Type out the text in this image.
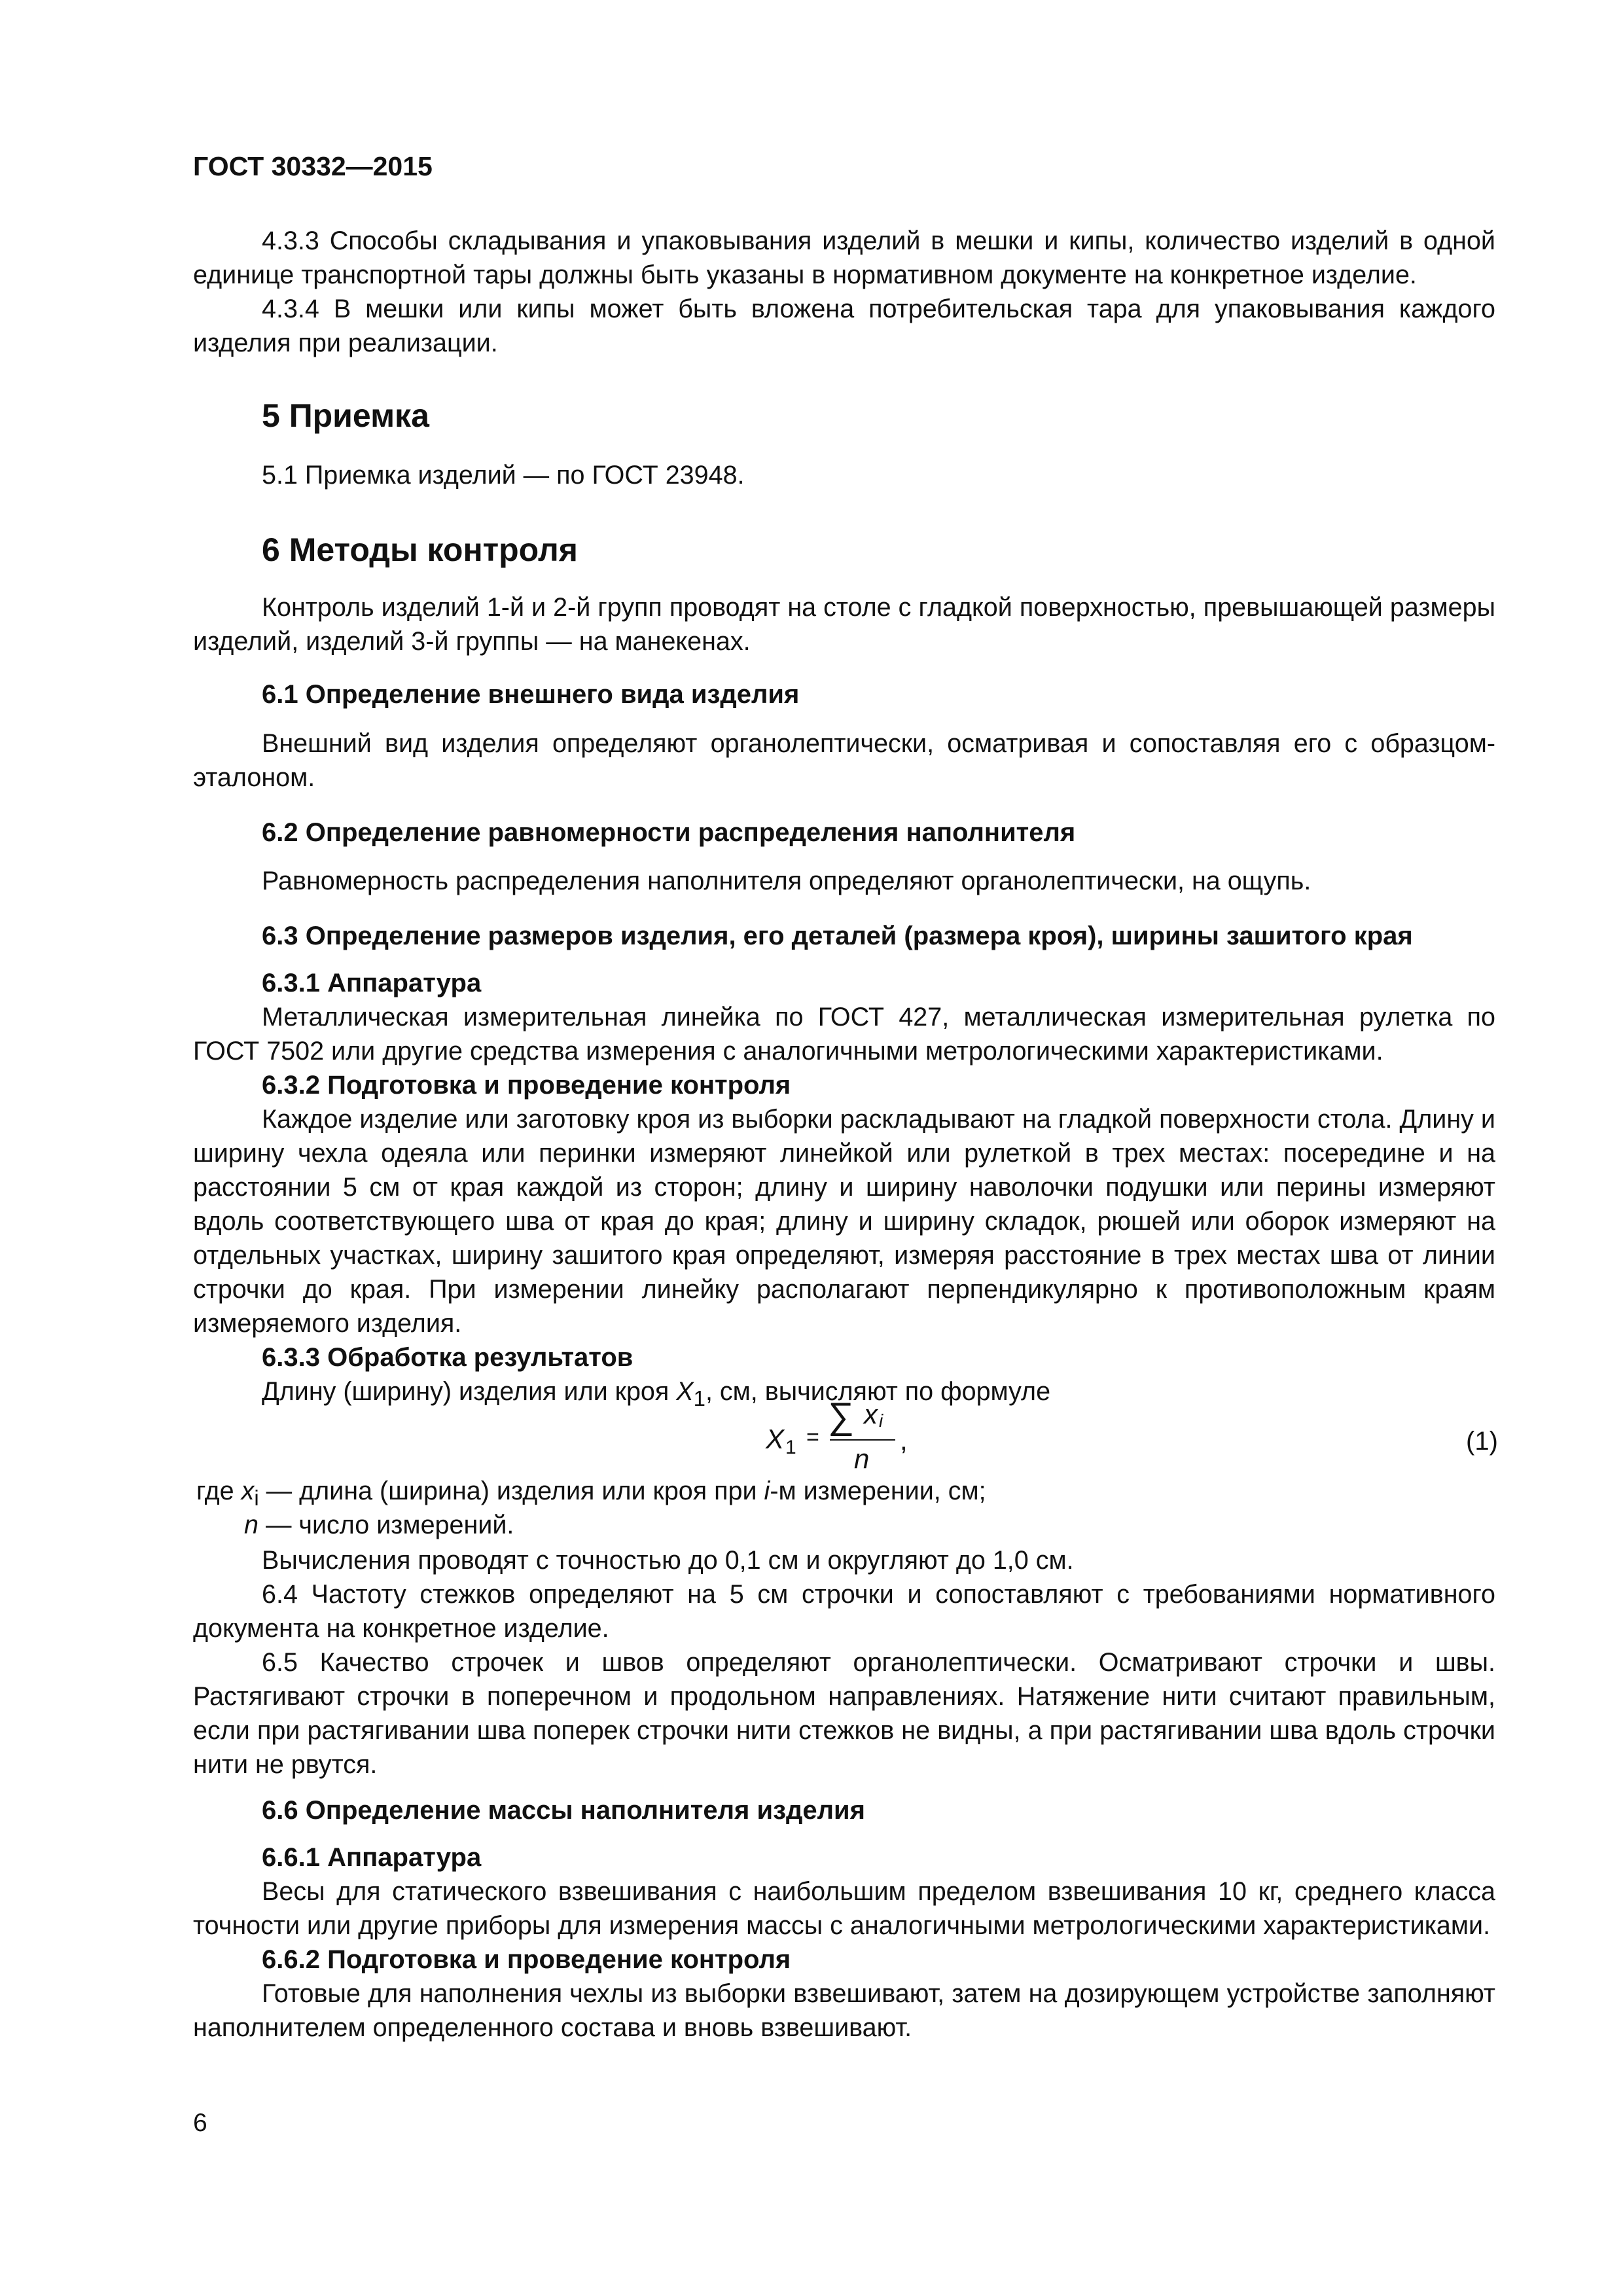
ГОСТ 30332—2015

4.3.3 Способы складывания и упаковывания изделий в мешки и кипы, количество изделий в одной единице транспортной тары должны быть указаны в нормативном документе на конкретное изделие.

4.3.4 В мешки или кипы может быть вложена потребительская тара для упаковывания каждого изделия при реализации.

5 Приемка

5.1 Приемка изделий — по ГОСТ 23948.

6 Методы контроля

Контроль изделий 1-й и 2-й групп проводят на столе с гладкой поверхностью, превышающей размеры изделий, изделий 3-й группы — на манекенах.

6.1 Определение внешнего вида изделия

Внешний вид изделия определяют органолептически, осматривая и сопоставляя его с образцом-эталоном.

6.2 Определение равномерности распределения наполнителя

Равномерность распределения наполнителя определяют органолептически, на ощупь.

6.3 Определение размеров изделия, его деталей (размера кроя), ширины зашитого края

6.3.1 Аппаратура

Металлическая измерительная линейка по ГОСТ 427, металлическая измерительная рулетка по ГОСТ 7502 или другие средства измерения с аналогичными метрологическими характеристиками.

6.3.2 Подготовка и проведение контроля

Каждое изделие или заготовку кроя из выборки раскладывают на гладкой поверхности стола. Длину и ширину чехла одеяла или перинки измеряют линейкой или рулеткой в трех местах: посередине и на расстоянии 5 см от края каждой из сторон; длину и ширину наволочки подушки или перины измеряют вдоль соответствующего шва от края до края; длину и ширину складок, рюшей или оборок измеряют на отдельных участках, ширину зашитого края определяют, измеряя расстояние в трех местах шва от линии строчки до края. При измерении линейку располагают перпендикулярно к противоположным краям измеряемого изделия.

6.3.3 Обработка результатов

Длину (ширину) изделия или кроя $X_1$, см, вычисляют по формуле

X 1 =
∑ x i
n
,	(1)
где $x_i$ — длина (ширина) изделия или кроя при i-м измерении, см;
n — число измерений.

Вычисления проводят с точностью до 0,1 см и округляют до 1,0 см.

6.4 Частоту стежков определяют на 5 см строчки и сопоставляют с требованиями нормативного документа на конкретное изделие.

6.5 Качество строчек и швов определяют органолептически. Осматривают строчки и швы. Растягивают строчки в поперечном и продольном направлениях. Натяжение нити считают правильным, если при растягивании шва поперек строчки нити стежков не видны, а при растягивании шва вдоль строчки нити не рвутся.

6.6 Определение массы наполнителя изделия

6.6.1 Аппаратура

Весы для статического взвешивания с наибольшим пределом взвешивания 10 кг, среднего класса точности или другие приборы для измерения массы с аналогичными метрологическими характеристиками.

6.6.2 Подготовка и проведение контроля

Готовые для наполнения чехлы из выборки взвешивают, затем на дозирующем устройстве заполняют наполнителем определенного состава и вновь взвешивают.

6
